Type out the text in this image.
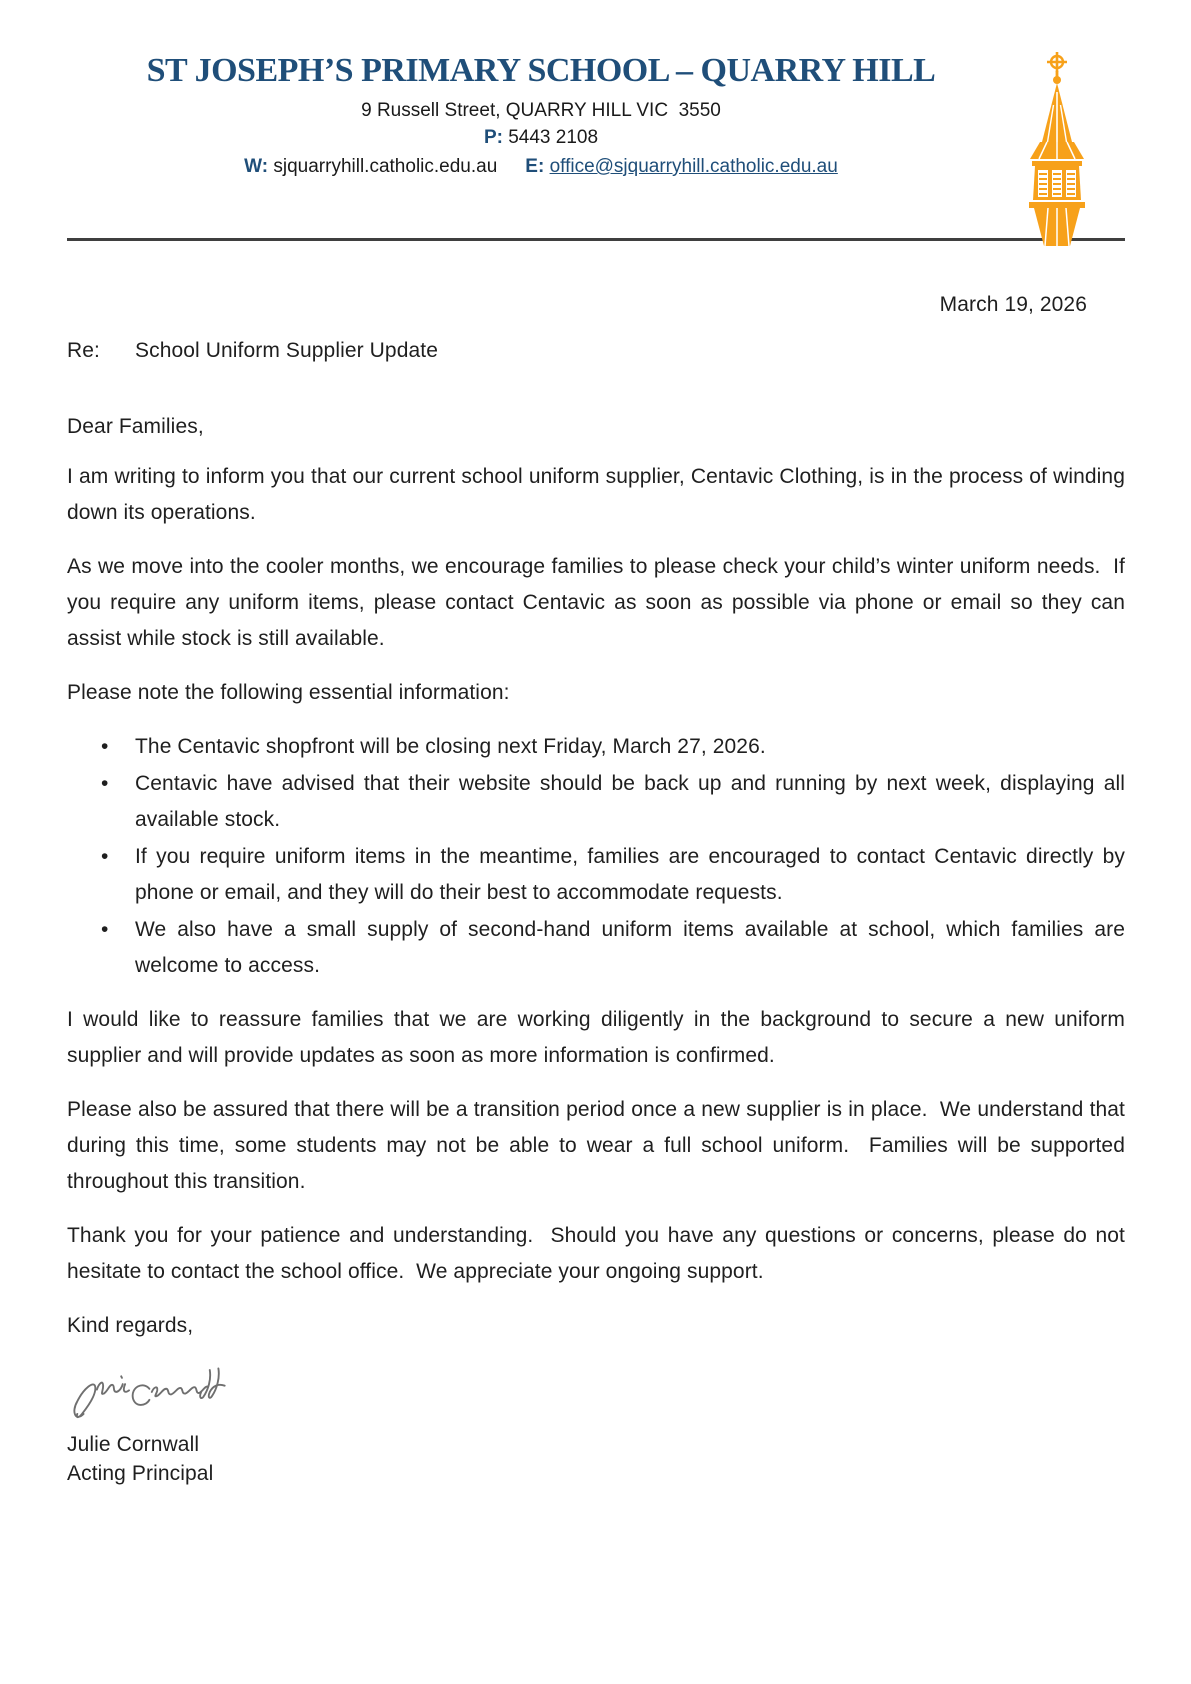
ST JOSEPH’S PRIMARY SCHOOL – QUARRY HILL
9 Russell Street, QUARRY HILL VIC  3550
P: 5443 2108
W: sjquarryhill.catholic.edu.au E: office@sjquarryhill.catholic.edu.au
March 19, 2026
Re:	School Uniform Supplier Update

Dear Families,

I am writing to inform you that our current school uniform supplier, Centavic Clothing, is in the process of winding down its operations.

As we move into the cooler months, we encourage families to please check your child’s winter uniform needs.  If you require any uniform items, please contact Centavic as soon as possible via phone or email so they can assist while stock is still available.

Please note the following essential information:

• The Centavic shopfront will be closing next Friday, March 27, 2026.
• Centavic have advised that their website should be back up and running by next week, displaying all available stock.
• If you require uniform items in the meantime, families are encouraged to contact Centavic directly by phone or email, and they will do their best to accommodate requests.
• We also have a small supply of second-hand uniform items available at school, which families are welcome to access.

I would like to reassure families that we are working diligently in the background to secure a new uniform supplier and will provide updates as soon as more information is confirmed.

Please also be assured that there will be a transition period once a new supplier is in place.  We understand that during this time, some students may not be able to wear a full school uniform.  Families will be supported throughout this transition.

Thank you for your patience and understanding.  Should you have any questions or concerns, please do not hesitate to contact the school office.  We appreciate your ongoing support.

Kind regards,

Julie Cornwall
Acting Principal
